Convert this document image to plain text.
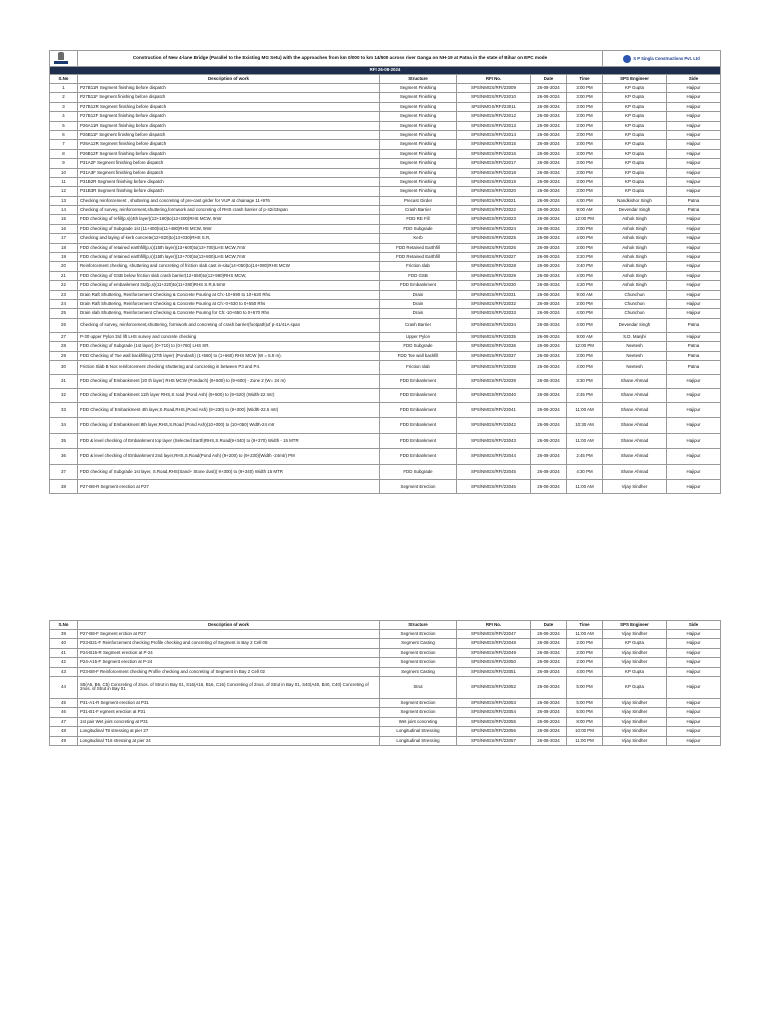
	Construction of New 4-lane Bridge (Parallel to the Existing MG Setu) with the approaches from km 0/000 to km 14/500 across river Ganga on NH-19 at Patna in the state of Bihar on EPC mode					S P Singla Constructions Pvt. Ltd	
RFI 26-08-2024							
S.No	Description of work	Structure	RFI No.	Date	Time	SPS Engineer	Side
1	P27B11R Segment finishing before dispatch	Segment Finishing	SPS/NMGS/RFI/23009	26-08-2024	3:00 PM	KP Gupta	Hajipur
2	P27B11F Segment finishing before dispatch	Segment Finishing	SPS/NMGS/RFI/23010	26-08-2024	3:00 PM	KP Gupta	Hajipur
3	P27B12R Segment finishing before dispatch	Segment Finishing	SPS/NMGS/RFI/23011	26-08-2024	3:00 PM	KP Gupta	Hajipur
4	P27B12F Segment finishing before dispatch	Segment Finishing	SPS/NMGS/RFI/23012	26-08-2024	3:00 PM	KP Gupta	Hajipur
5	P26A11R Segment finishing before dispatch	Segment Finishing	SPS/NMGS/RFI/23013	26-08-2024	3:00 PM	KP Gupta	Hajipur
6	P26B11F Segment finishing before dispatch	Segment Finishing	SPS/NMGS/RFI/23014	26-08-2024	3:00 PM	KP Gupta	Hajipur
7	P26A12R Segment finishing before dispatch	Segment Finishing	SPS/NMGS/RFI/23015	26-08-2024	3:00 PM	KP Gupta	Hajipur
8	P26B12F Segment finishing before dispatch	Segment Finishing	SPS/NMGS/RFI/23016	26-08-2024	3:00 PM	KP Gupta	Hajipur
9	P31A2F Segment finishing before dispatch	Segment Finishing	SPS/NMGS/RFI/23017	26-08-2024	3:00 PM	KP Gupta	Hajipur
10	P31A3F Segment finishing before dispatch	Segment Finishing	SPS/NMGS/RFI/23018	26-08-2024	3:00 PM	KP Gupta	Hajipur
11	P31B2R Segment finishing before dispatch	Segment Finishing	SPS/NMGS/RFI/23019	26-08-2024	3:00 PM	KP Gupta	Hajipur
12	P31B3R Segment finishing before dispatch	Segment Finishing	SPS/NMGS/RFI/23020	26-08-2024	3:00 PM	KP Gupta	Hajipur
13	Checking reinforcement , shuttering and concreting of pre-cast girder for VUP at chainage 11+976	Precast Girder	SPS/NMGS/RFI/23021	26-08-2024	4:00 PM	Nandkishor Singh	Patna
14	Checking of survey, reinforcement,shuttering,formwork and concreting of RHS crash barrier of p-42/43span	Crash Barrier	SPS/NMGS/RFI/23022	26-08-2024	9:00 AM	Devendar Singh	Patna
15	FDD checking of refill(p,s)(4th layer)(13+180)to(13+200)RHS MCW, 9mtr	FDD RE Fill	SPS/NMGS/RFI/23023	26-08-2024	12:00 PM	Ashok Singh	Hajipur
16	FDD checking of Subgrade 1st (11+400)to(11+480)RHS MCW, 9mtr	FDD Subgrade	SPS/NMGS/RFI/23024	26-08-2024	3:00 PM	Ashok Singh	Hajipur
17	Checking and laying of kerb concrete(12+820)to(13+030)RHS S.R,	Kerb	SPS/NMGS/RFI/23025	26-08-2024	4:00 PM	Ashok Singh	Hajipur
18	FDD checking of retained earthfill(p,s)(15th layer)(13+600)to(13+700)LHS MCW,7mtr	FDD Retained Earthfill	SPS/NMGS/RFI/23026	26-08-2024	3:00 PM	Ashok Singh	Hajipur
19	FDD checking of retained earthfill(p,s)(15th layer)(13+700)to(13+800)LHS MCW,7mtr	FDD Retained Earthfill	SPS/NMGS/RFI/23027	26-08-2024	3:20 PM	Ashok Singh	Hajipur
20	Reinforcement checking, shuttering and concreting of friction slab cast in-situ(14+050)to(14+080)RHS MCW	Friction slab	SPS/NMGS/RFI/23028	26-08-2024	3:40 PM	Ashok Singh	Hajipur
21	FDD checking of GSB below friction slab crash barrier(12+550)to(12+590)RHS MCW,	FDD GSB	SPS/NMGS/RFI/23029	26-08-2024	4:00 PM	Ashok Singh	Hajipur
22	FDD checking of embankment 3rd(p,s)(11+220)to(11+280)RHS S.R,6.5mtr	FDD Embankment	SPS/NMGS/RFI/23030	26-08-2024	4:20 PM	Ashok Singh	Hajipur
23	Drain Raft Shuttering, Reinforcement Checking & Concrete Pouring at Ch:-10+590 to 10+620 Rhs.	Drain	SPS/NMGS/RFI/23031	26-08-2024	9:00 AM	Chunchun	Hajipur
24	Drain Raft Shuttering, Reinforcement Checking & Concrete Pouring at Ch:-0+530 to 0+550 Rhs	Drain	SPS/NMGS/RFI/23032	26-08-2024	3:00 PM	Chunchun	Hajipur
25	Drain slab Shuttering, Reinforcement Checking & Concrete Pouring for Ch:-10+650 to 0+670 Rhs	Drain	SPS/NMGS/RFI/23033	26-08-2024	4:00 PM	Chunchun	Hajipur
26	Checking of survey, reinforcement,shuttering, formwork and concreting of crash barrier(footpath)of p-41/41A span	Crash Barrier	SPS/NMGS/RFI/23034	26-08-2024	4:00 PM	Devendar Singh	Patna
27	P-30 upper Pylon 3rd lift LHS survey and concrete checking	Upper Pylon	SPS/NMGS/RFI/23035	26-08-2024	9:00 AM	S.D. Manjhi	Hajipur
28	FDD checking of Subgrade (1st layer) (0+710) to (0+760) LHS SR.	FDD Subgrade	SPS/NMGS/RFI/23036	26-08-2024	12:00 PM	Neetesh	Patna
29	FDD Checking of Toe wall backfilling (27th layer) (Pondash) (1+560) to (1+660) RHS MCW (W = 5.9 m).	FDD Toe wall backfill	SPS/NMGS/RFI/23037	26-08-2024	3:00 PM	Neetesh	Patna
30	Friction Slab B Nos reinforcement checking shuttering and concreting in between P3 and P4.	Friction slab	SPS/NMGS/RFI/23038	26-08-2024	4:00 PM	Neetesh	Patna
31	FDD checking of Embankment (20 th layer) RHS MCW (Pondach) (9+500) to (9+600) - Zone 2 (W= 24 m)	FDD Embankment	SPS/NMGS/RFI/23039	26-08-2024	3:30 PM	Shane Ahmad	Hajipur
32	FDD checking of Embankment 11th layer RHS,S road (Pond Ash) (9+500) to (9+520) (Width-22 mtr)	FDD Embankment	SPS/NMGS/RFI/23040	26-08-2024	2:45 PM	Shane Ahmad	Hajipur
33	FDD Checking of Embankment 4th layer,S.Road,RHS,(Pond Ash) (9+230) to (9+300) (Width-22.5 mtr)	FDD Embankment	SPS/NMGS/RFI/23041	26-08-2024	11:00 AM	Shane Ahmad	Hajipur
34	FDD checking of Embankment 8th layer,RHS,S.Road (Pond Ash)(10+000) to (10+050) Width-24 mtr	FDD Embankment	SPS/NMGS/RFI/23042	26-08-2024	10:30 AM	Shane Ahmad	Hajipur
35	FDD & level checking of Embankment top layer (Selected Earth)RHS,S.Road(9+340) to (9+370) Width - 15 MTR	FDD Embankment	SPS/NMGS/RFI/23043	26-08-2024	11:00 AM	Shane Ahmad	Hajipur
36	FDD & level checking of Embankment 2nd layer,RHS,S.Road(Pond Ash) (9+200) to (9+230)(Width -24mtr) PM	FDD Embankment	SPS/NMGS/RFI/23044	26-08-2024	2:45 PM	Shane Ahmad	Hajipur
37	FDD checking of Subgrade 1st layer, S.Road,RHS(Sand+ Stone dust)( 9+300) to (9+340) Width 15 MTR	FDD Subgrade	SPS/NMGS/RFI/23045	26-08-2024	4:30 PM	Shane Ahmad	Hajipur
38	P27-B8-R Segment erection at P27	Segment Erection	SPS/NMGS/RFI/23046	26-08-2024	11:00 AM	Vijay Sindher	Hajipur
S.No	Description of work	Structure	RFI No.	Date	Time	SPS Engineer	Side
39	P27-B8-F Segment erction at P27	Segment Erection	SPS/NMGS/RFI/23047	26-08-2024	11:00 AM	Vijay Sindher	Hajipur
40	P23-B21-F Reinforcement checking Profile checking and concreting of Segment in Bay 2 Cell 05	Segment Casting	SPS/NMGS/RFI/23048	26-08-2024	2:00 PM	KP Gupta	Hajipur
41	P24-B15-R Segment erection at P-24	Segment Erection	SPS/NMGS/RFI/23049	26-08-2024	2:00 PM	Vijay Sindher	Hajipur
42	P24-A15-F Segment erection at P-24	Segment Erection	SPS/NMGS/RFI/23050	26-08-2024	2:00 PM	Vijay Sindher	Hajipur
43	P23-B8-F Reinforcement checking Profile checking and concreting of Segment in Bay 2 Cell 02	Segment Casting	SPS/NMGS/RFI/23051	26-08-2024	4:00 PM	KP Gupta	Hajipur
44	S5(A5, B5, C5) Concreting of 2nos. of Strut in Bay 01, S16(A16, B16, C16) Concreting of 2nos. of Strut in Bay 01, S40(A40, B40, C40) Concreting of 2nos. of Strut in Bay 01	Strut	SPS/NMGS/RFI/23052	26-08-2024	5:00 PM	KP Gupta	Hajipur
45	P31-A1-R Segment erection at P31	Segment Erection	SPS/NMGS/RFI/23053	26-08-2024	5:00 PM	Vijay Sindher	Hajipur
46	P31-B1-F egment erection at P31	Segment Erection	SPS/NMGS/RFI/23054	26-08-2024	5:00 PM	Vijay Sindher	Hajipur
47	1st pair Wet joint concreting at P31	Wet joint concreting	SPS/NMGS/RFI/23055	26-08-2024	8:00 PM	Vijay Sindher	Hajipur
48	Longitudinal T8 stressing at pier 27	Longitudinal Stressing	SPS/NMGS/RFI/23056	26-08-2024	10:00 PM	Vijay Sindher	Hajipur
49	Longitudinal T16 stressing at pier 24	Longitudinal Stressing	SPS/NMGS/RFI/23057	26-08-2024	11:00 PM	Vijay Sindher	Hajipur
